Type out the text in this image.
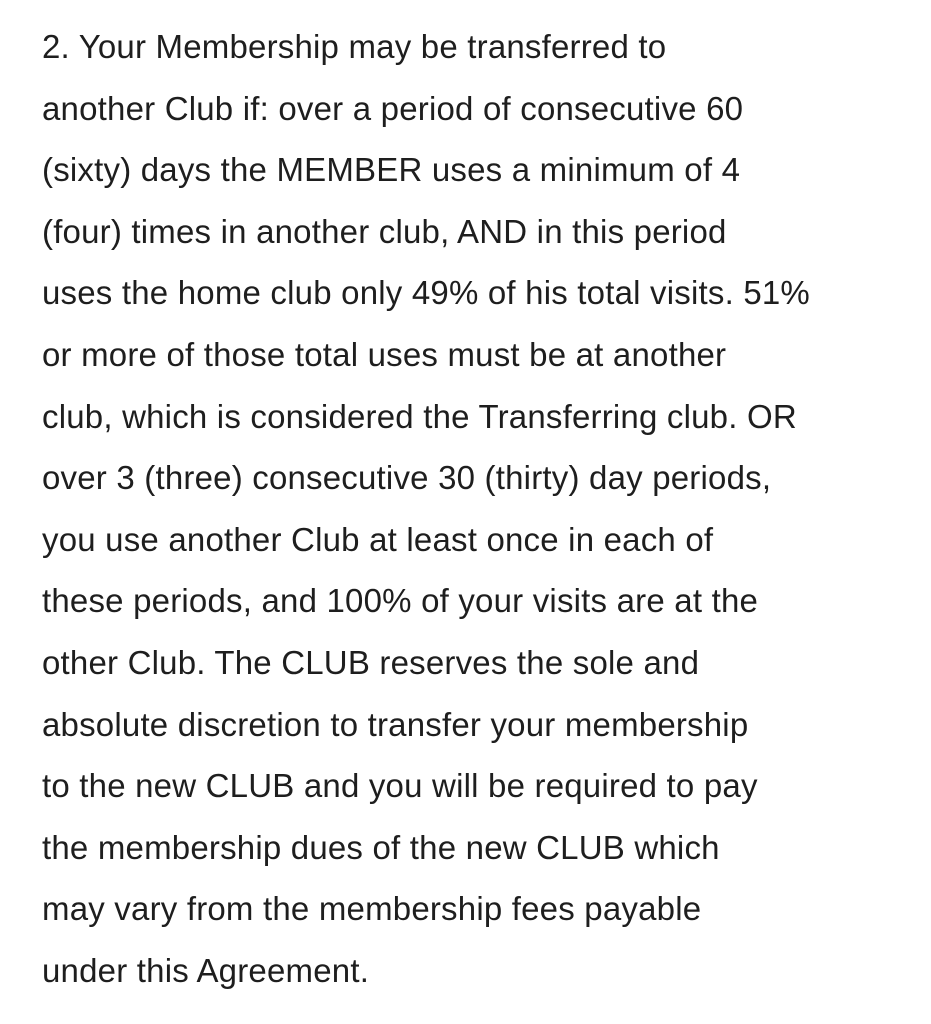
2. Your Membership may be transferred to
another Club if: over a period of consecutive 60
(sixty) days the MEMBER uses a minimum of 4
(four) times in another club, AND in this period
uses the home club only 49% of his total visits. 51%
or more of those total uses must be at another
club, which is considered the Transferring club. OR
over 3 (three) consecutive 30 (thirty) day periods,
you use another Club at least once in each of
these periods, and 100% of your visits are at the
other Club. The CLUB reserves the sole and
absolute discretion to transfer your membership
to the new CLUB and you will be required to pay
the membership dues of the new CLUB which
may vary from the membership fees payable
under this Agreement.
